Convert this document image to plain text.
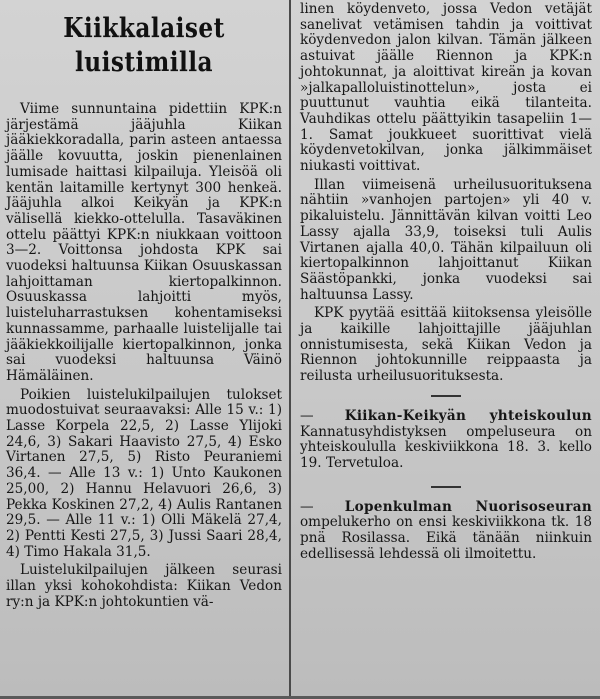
Kiikkalaiset
luistimilla

Viime sunnuntaina pidettiin KPK:n järjestämä jääjuhla Kiikan jääkiekkoradalla, parin asteen antaessa jäälle kovuutta, joskin pienenlainen lumisade haittasi kilpailuja. Yleisöä oli kentän laitamille kertynyt 300 henkeä. Jääjuhla alkoi Keikyän ja KPK:n välisellä kiekko-ottelulla. Tasaväkinen ottelu päättyi KPK:n niukkaan voittoon 3—2. Voittonsa johdosta KPK sai vuodeksi haltuunsa Kiikan Osuuskassan lahjoittaman kiertopalkinnon. Osuuskassa lahjoitti myös, luisteluharrastuksen kohentamiseksi kunnassamme, parhaalle luistelijalle tai jääkiekkoilijalle kiertopalkinnon, jonka sai vuodeksi haltuunsa Väinö Hämäläinen.

Poikien luistelukilpailujen tulokset muodostuivat seuraavaksi: Alle 15 v.: 1) Lasse Korpela 22,5, 2) Lasse Ylijoki 24,6, 3) Sakari Haavisto 27,5, 4) Esko Virtanen 27,5, 5) Risto Peuraniemi 36,4. — Alle 13 v.: 1) Unto Kaukonen 25,00, 2) Hannu Helavuori 26,6, 3) Pekka Koskinen 27,2, 4) Aulis Rantanen 29,5. — Alle 11 v.: 1) Olli Mäkelä 27,4, 2) Pentti Kesti 27,5, 3) Jussi Saari 28,4, 4) Timo Hakala 31,5.

Luistelukilpailujen jälkeen seurasi illan yksi kohokohdista: Kiikan Vedon ry:n ja KPK:n johtokuntien vä-

linen köydenveto, jossa Vedon vetäjät sanelivat vetämisen tahdin ja voittivat köydenvedon jalon kilvan. Tämän jälkeen astuivat jäälle Riennon ja KPK:n johtokunnat, ja aloittivat kireän ja kovan »jalkapalloluistinottelun», josta ei puuttunut vauhtia eikä tilanteita. Vauhdikas ottelu päättyikin tasapeliin 1—1. Samat joukkueet suorittivat vielä köydenvetokilvan, jonka jälkimmäiset niukasti voittivat.

Illan viimeisenä urheilusuorituksena nähtiin »vanhojen partojen» yli 40 v. pikaluistelu. Jännittävän kilvan voitti Leo Lassy ajalla 33,9, toiseksi tuli Aulis Virtanen ajalla 40,0. Tähän kilpailuun oli kiertopalkinnon lahjoittanut Kiikan Säästöpankki, jonka vuodeksi sai haltuunsa Lassy.

KPK pyytää esittää kiitoksensa yleisölle ja kaikille lahjoittajille jääjuhlan onnistumisesta, sekä Kiikan Vedon ja Riennon johtokunnille reippaasta ja reilusta urheilusuorituksesta.

— Kiikan-Keikyän yhteiskoulun Kannatusyhdistyksen ompeluseura on yhteiskoululla keskiviikkona 18. 3. kello 19. Tervetuloa.

— Lopenkulman Nuorisoseuran ompelukerho on ensi keskiviikkona tk. 18 pnä Rosilassa. Eikä tänään niinkuin edellisessä lehdessä oli ilmoitettu.
